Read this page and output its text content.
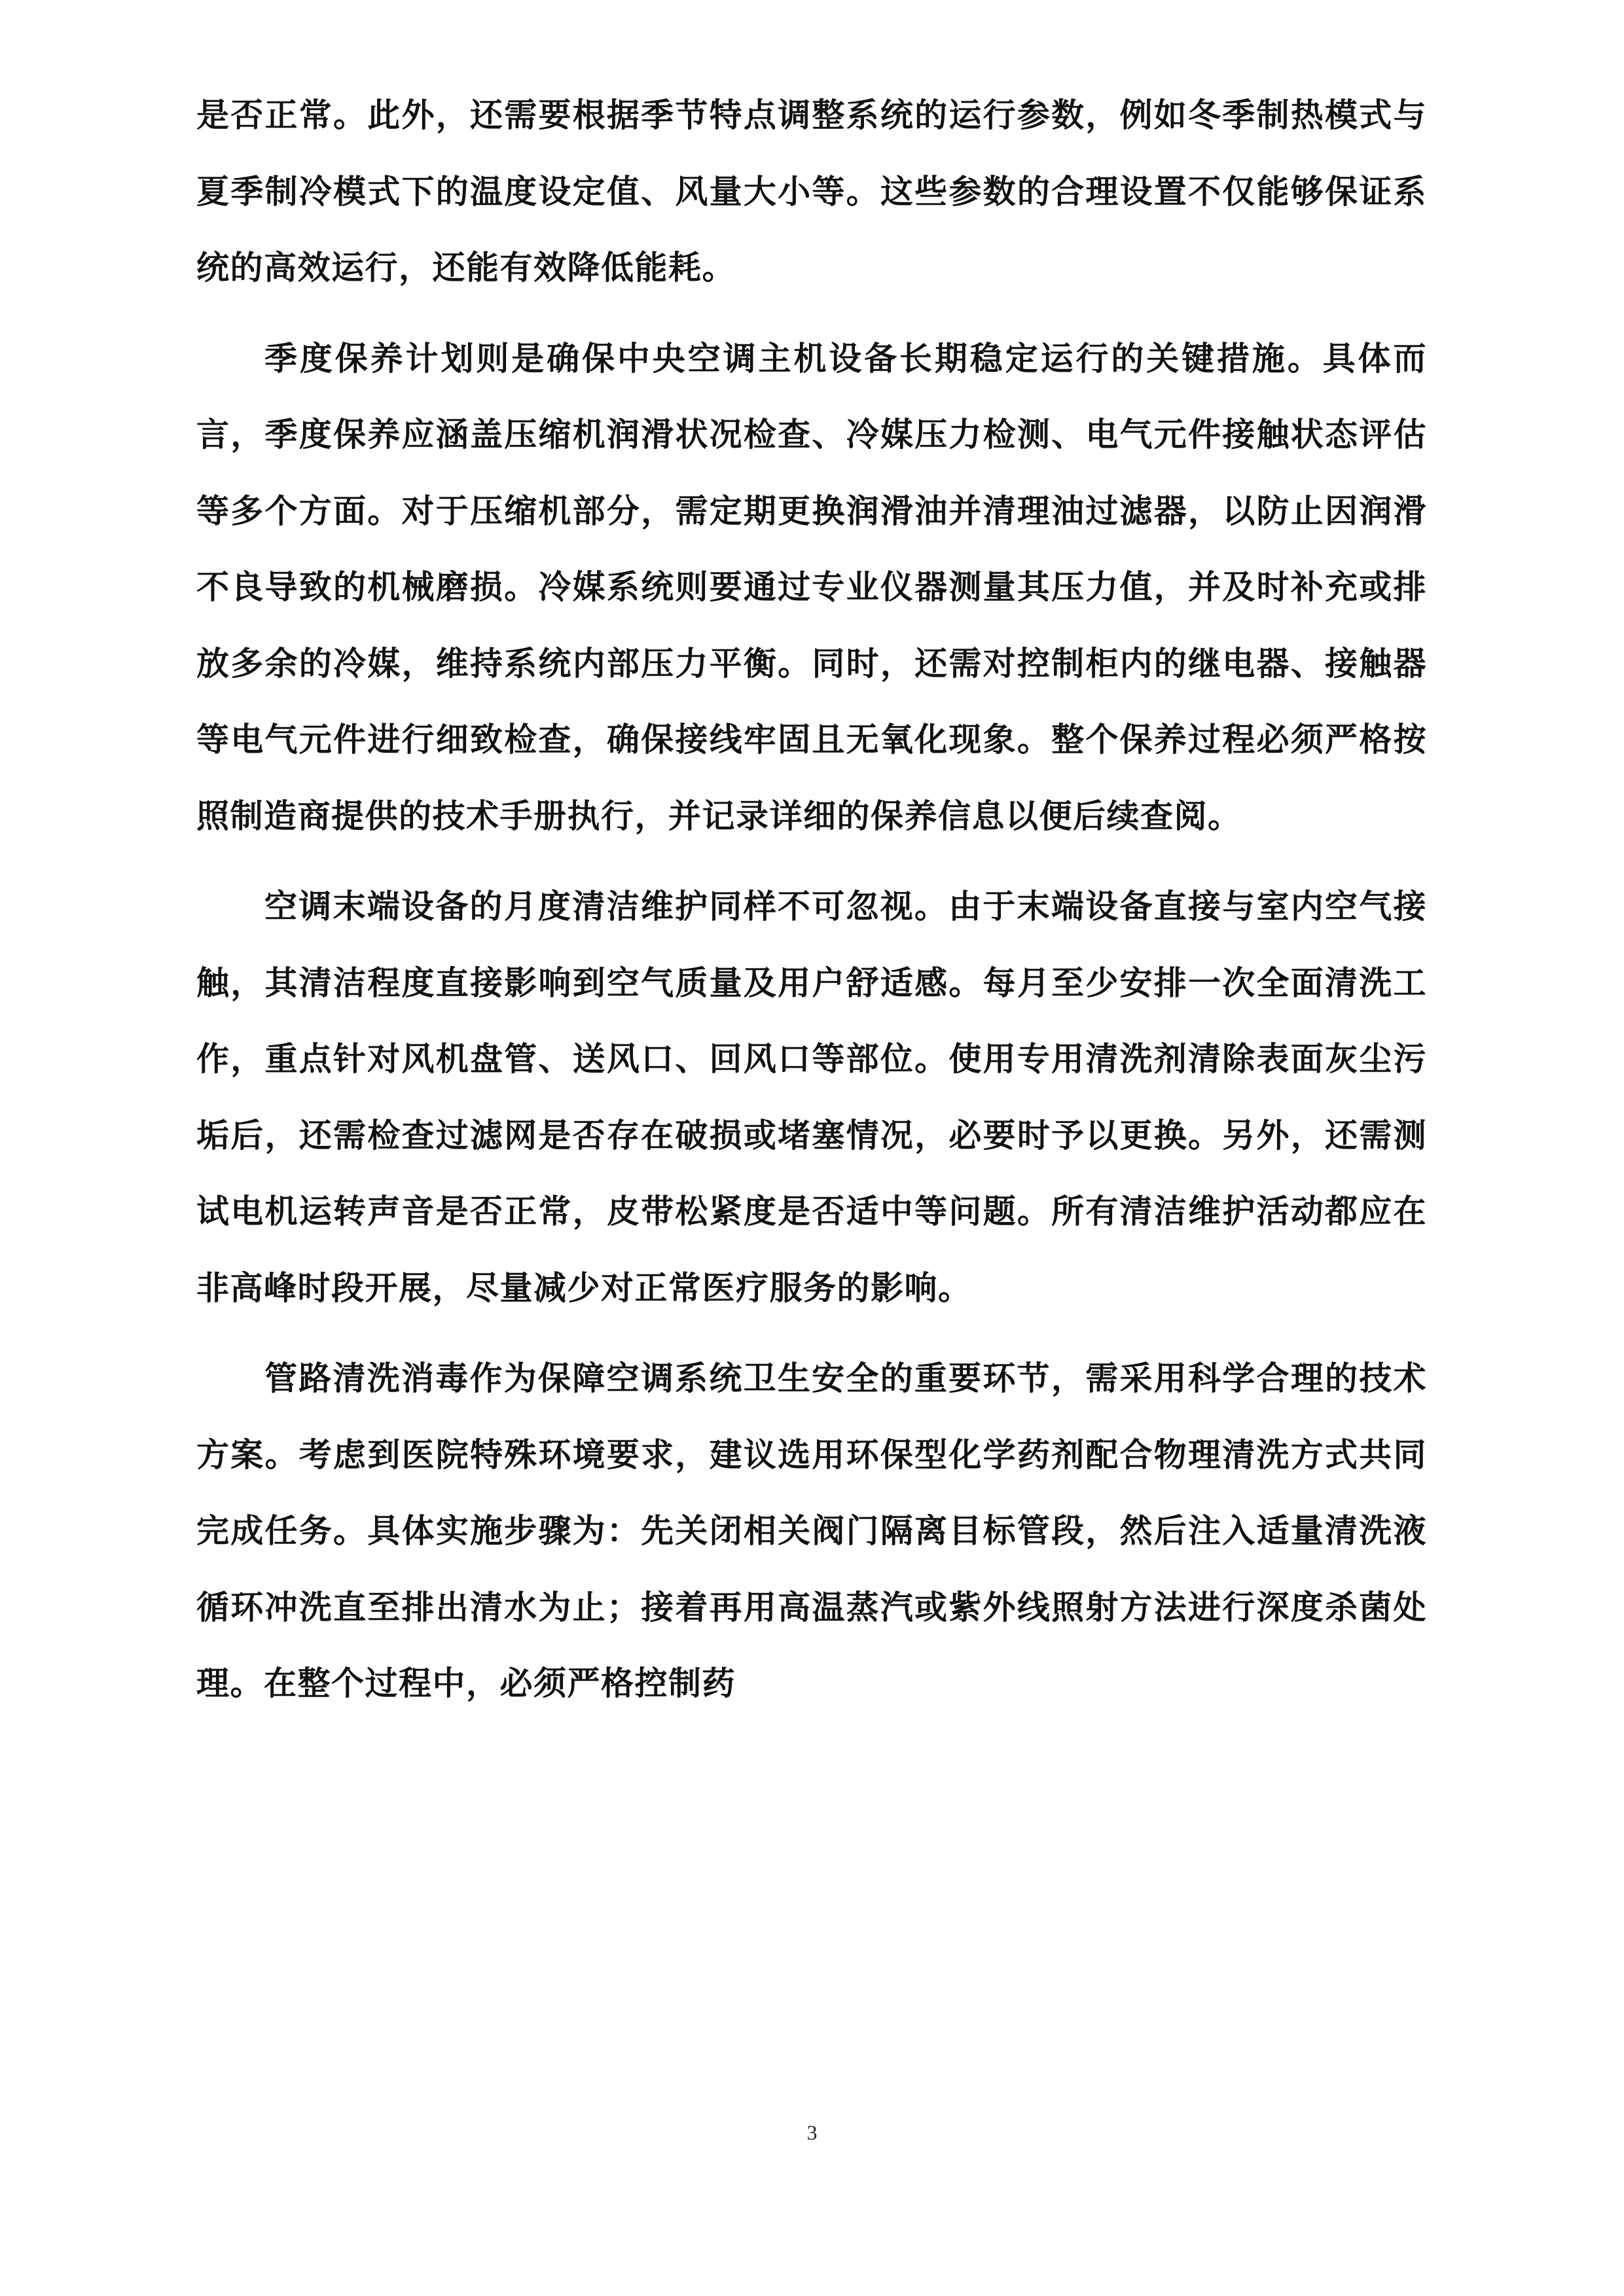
是否正常。此外，还需要根据季节特点调整系统的运行参数，例如冬季制热模式与夏季制冷模式下的温度设定值、风量大小等。这些参数的合理设置不仅能够保证系统的高效运行，还能有效降低能耗。

季度保养计划则是确保中央空调主机设备长期稳定运行的关键措施。具体而言，季度保养应涵盖压缩机润滑状况检查、冷媒压力检测、电气元件接触状态评估等多个方面。对于压缩机部分，需定期更换润滑油并清理油过滤器，以防止因润滑不良导致的机械磨损。冷媒系统则要通过专业仪器测量其压力值，并及时补充或排放多余的冷媒，维持系统内部压力平衡。同时，还需对控制柜内的继电器、接触器等电气元件进行细致检查，确保接线牢固且无氧化现象。整个保养过程必须严格按照制造商提供的技术手册执行，并记录详细的保养信息以便后续查阅。

空调末端设备的月度清洁维护同样不可忽视。由于末端设备直接与室内空气接触，其清洁程度直接影响到空气质量及用户舒适感。每月至少安排一次全面清洗工作，重点针对风机盘管、送风口、回风口等部位。使用专用清洗剂清除表面灰尘污垢后，还需检查过滤网是否存在破损或堵塞情况，必要时予以更换。另外，还需测试电机运转声音是否正常，皮带松紧度是否适中等问题。所有清洁维护活动都应在非高峰时段开展，尽量减少对正常医疗服务的影响。

管路清洗消毒作为保障空调系统卫生安全的重要环节，需采用科学合理的技术方案。考虑到医院特殊环境要求，建议选用环保型化学药剂配合物理清洗方式共同完成任务。具体实施步骤为：先关闭相关阀门隔离目标管段，然后注入适量清洗液循环冲洗直至排出清水为止；接着再用高温蒸汽或紫外线照射方法进行深度杀菌处理。在整个过程中，必须严格控制药

3
